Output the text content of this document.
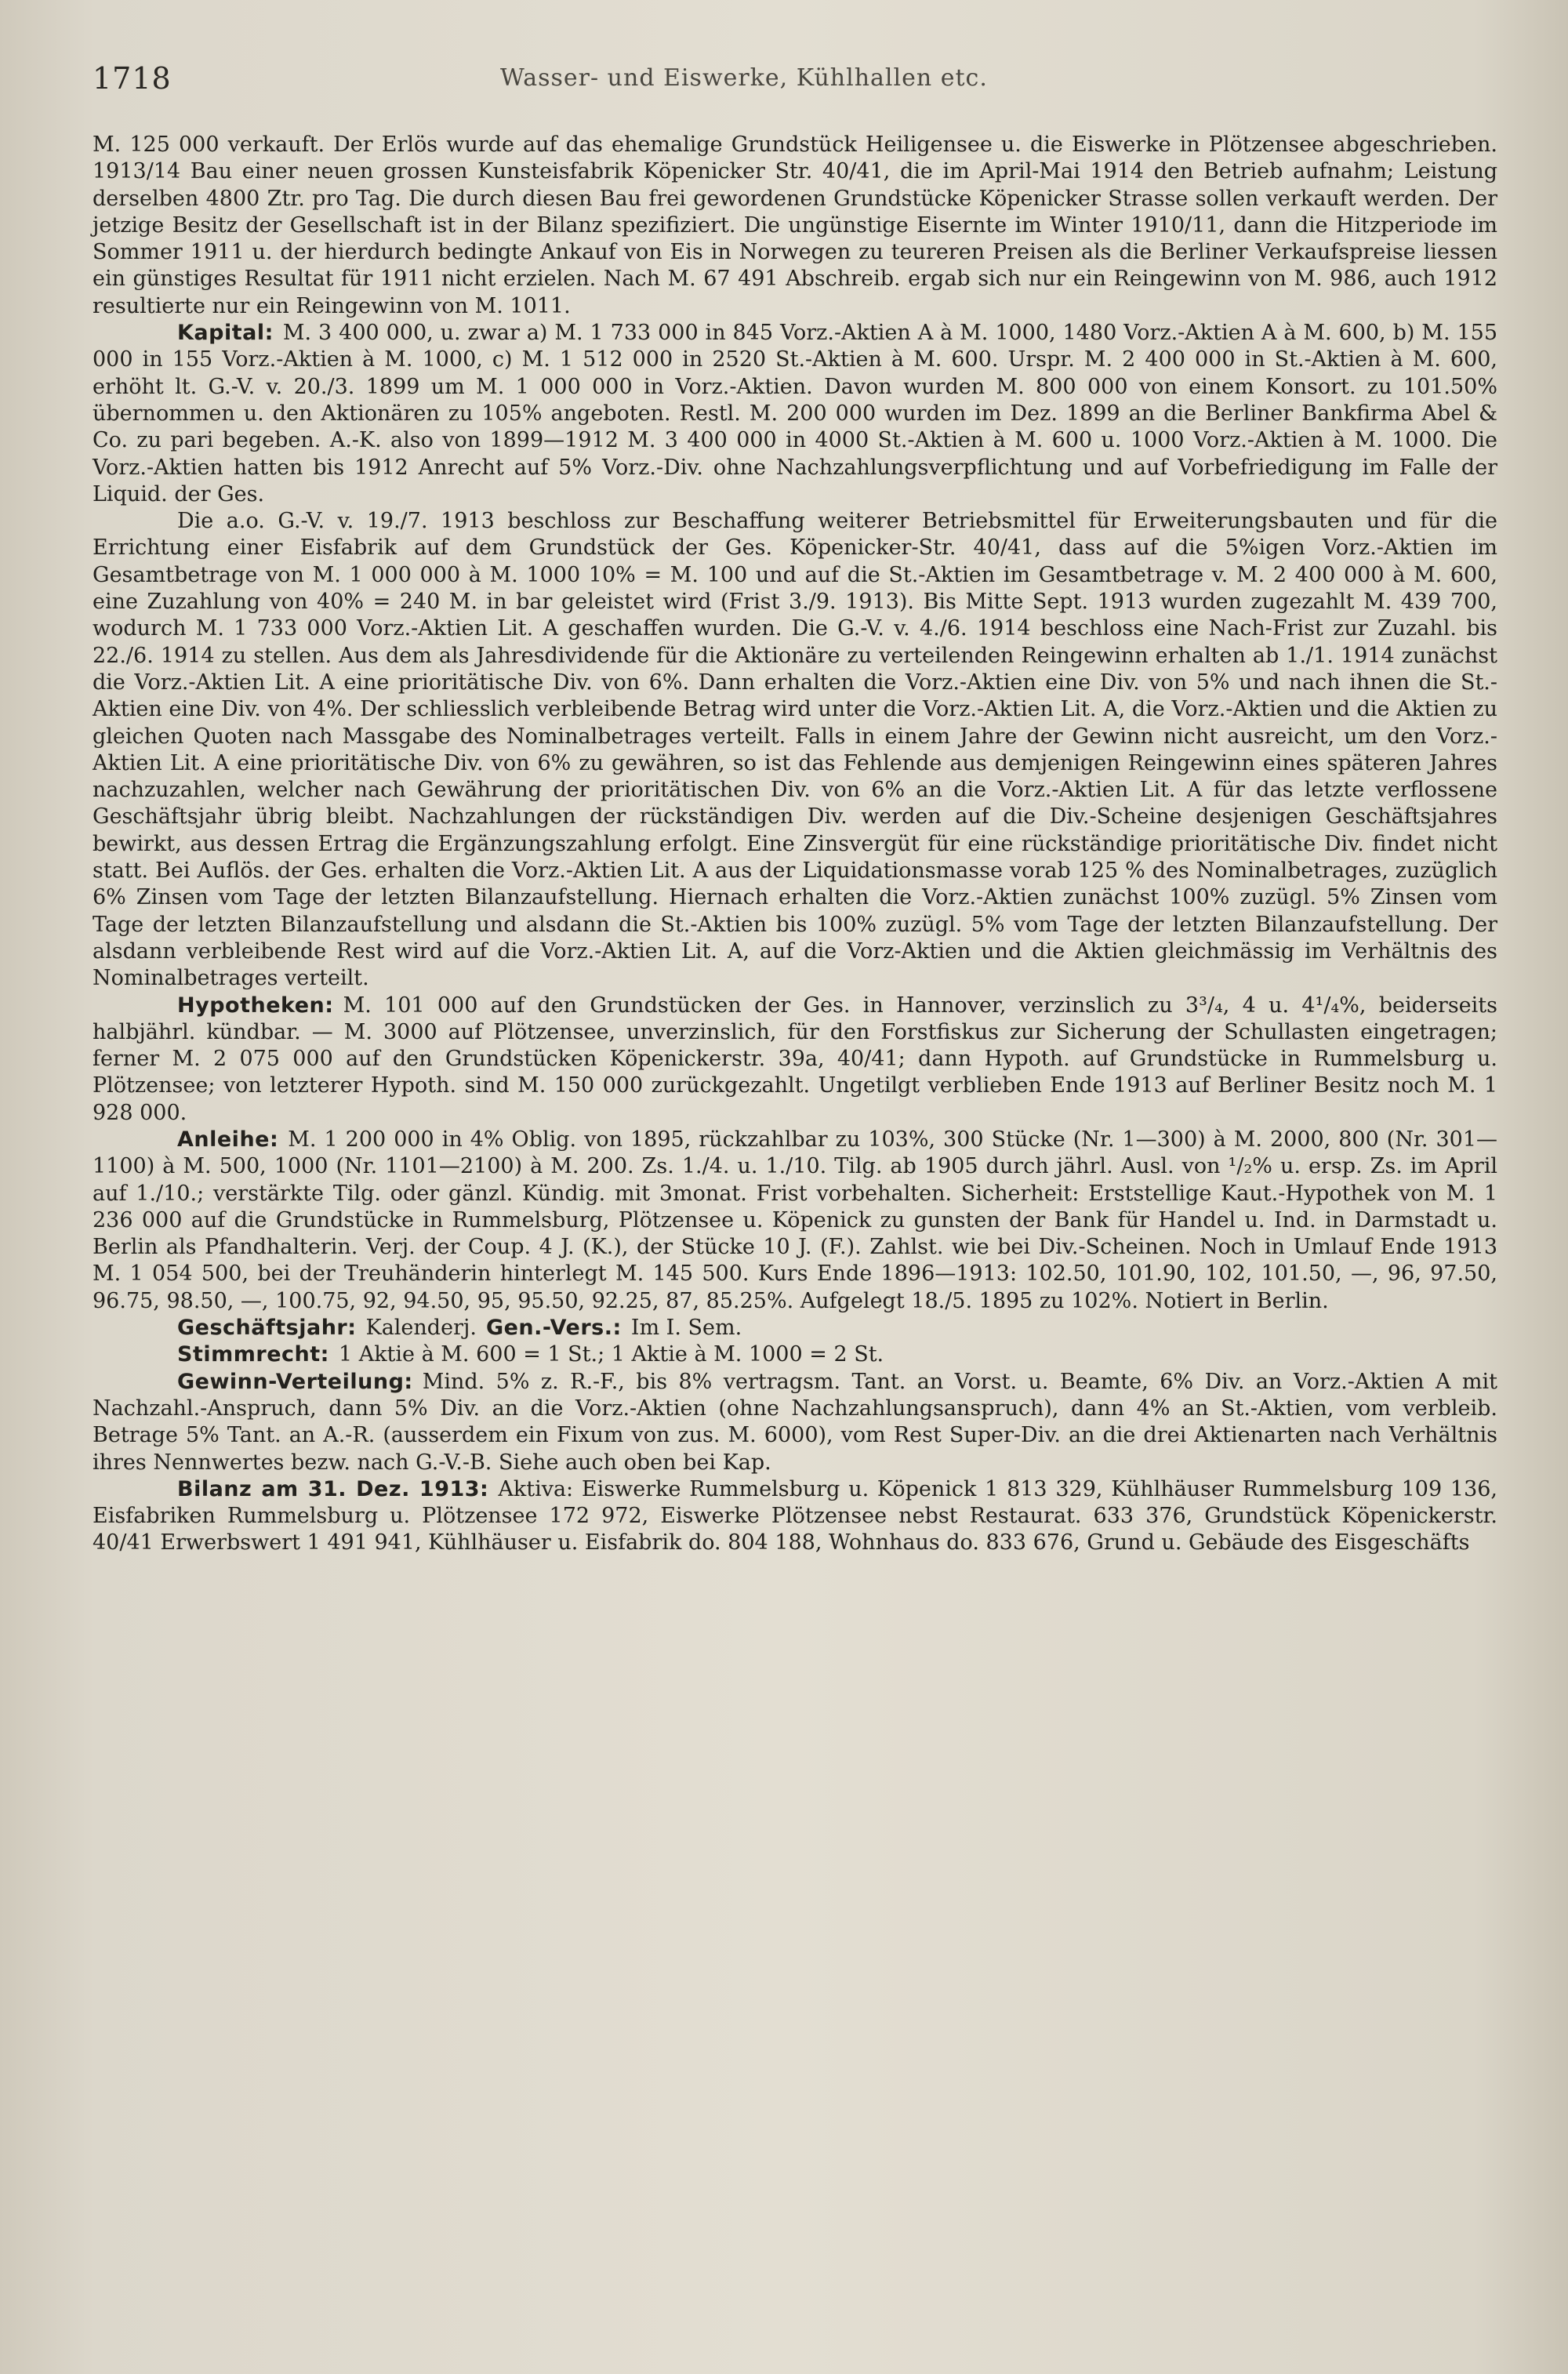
1718	Wasser- und Eiswerke, Kühlhallen etc.

M. 125 000 verkauft. Der Erlös wurde auf das ehemalige Grundstück Heiligensee u. die Eiswerke in Plötzensee abgeschrieben. 1913/14 Bau einer neuen grossen Kunsteisfabrik Köpenicker Str. 40/41, die im April-Mai 1914 den Betrieb aufnahm; Leistung derselben 4800 Ztr. pro Tag. Die durch diesen Bau frei gewordenen Grundstücke Köpenicker Strasse sollen verkauft werden. Der jetzige Besitz der Gesellschaft ist in der Bilanz spezifiziert. Die ungünstige Eisernte im Winter 1910/11, dann die Hitzperiode im Sommer 1911 u. der hierdurch bedingte Ankauf von Eis in Norwegen zu teureren Preisen als die Berliner Verkaufspreise liessen ein günstiges Resultat für 1911 nicht erzielen. Nach M. 67 491 Abschreib. ergab sich nur ein Reingewinn von M. 986, auch 1912 resultierte nur ein Reingewinn von M. 1011.

Kapital: M. 3 400 000, u. zwar a) M. 1 733 000 in 845 Vorz.-Aktien A à M. 1000, 1480 Vorz.-Aktien A à M. 600, b) M. 155 000 in 155 Vorz.-Aktien à M. 1000, c) M. 1 512 000 in 2520 St.-Aktien à M. 600. Urspr. M. 2 400 000 in St.-Aktien à M. 600, erhöht lt. G.-V. v. 20./3. 1899 um M. 1 000 000 in Vorz.-Aktien. Davon wurden M. 800 000 von einem Konsort. zu 101.50% übernommen u. den Aktionären zu 105% angeboten. Restl. M. 200 000 wurden im Dez. 1899 an die Berliner Bankfirma Abel & Co. zu pari begeben. A.-K. also von 1899—1912 M. 3 400 000 in 4000 St.-Aktien à M. 600 u. 1000 Vorz.-Aktien à M. 1000. Die Vorz.-Aktien hatten bis 1912 Anrecht auf 5% Vorz.-Div. ohne Nachzahlungsverpflichtung und auf Vorbefriedigung im Falle der Liquid. der Ges.

Die a.o. G.-V. v. 19./7. 1913 beschloss zur Beschaffung weiterer Betriebsmittel für Erweiterungsbauten und für die Errichtung einer Eisfabrik auf dem Grundstück der Ges. Köpenicker-Str. 40/41, dass auf die 5%igen Vorz.-Aktien im Gesamtbetrage von M. 1 000 000 à M. 1000 10% = M. 100 und auf die St.-Aktien im Gesamtbetrage v. M. 2 400 000 à M. 600, eine Zuzahlung von 40% = 240 M. in bar geleistet wird (Frist 3./9. 1913). Bis Mitte Sept. 1913 wurden zugezahlt M. 439 700, wodurch M. 1 733 000 Vorz.-Aktien Lit. A geschaffen wurden. Die G.-V. v. 4./6. 1914 beschloss eine Nach-Frist zur Zuzahl. bis 22./6. 1914 zu stellen. Aus dem als Jahresdividende für die Aktionäre zu verteilenden Reingewinn erhalten ab 1./1. 1914 zunächst die Vorz.-Aktien Lit. A eine prioritätische Div. von 6%. Dann erhalten die Vorz.-Aktien eine Div. von 5% und nach ihnen die St.-Aktien eine Div. von 4%. Der schliesslich verbleibende Betrag wird unter die Vorz.-Aktien Lit. A, die Vorz.-Aktien und die Aktien zu gleichen Quoten nach Massgabe des Nominalbetrages verteilt. Falls in einem Jahre der Gewinn nicht ausreicht, um den Vorz.-Aktien Lit. A eine prioritätische Div. von 6% zu gewähren, so ist das Fehlende aus demjenigen Reingewinn eines späteren Jahres nachzuzahlen, welcher nach Gewährung der prioritätischen Div. von 6% an die Vorz.-Aktien Lit. A für das letzte verflossene Geschäftsjahr übrig bleibt. Nachzahlungen der rückständigen Div. werden auf die Div.-Scheine desjenigen Geschäftsjahres bewirkt, aus dessen Ertrag die Ergänzungszahlung erfolgt. Eine Zinsvergüt für eine rückständige prioritätische Div. findet nicht statt. Bei Auflös. der Ges. erhalten die Vorz.-Aktien Lit. A aus der Liquidationsmasse vorab 125 % des Nominalbetrages, zuzüglich 6% Zinsen vom Tage der letzten Bilanzaufstellung. Hiernach erhalten die Vorz.-Aktien zunächst 100% zuzügl. 5% Zinsen vom Tage der letzten Bilanzaufstellung und alsdann die St.-Aktien bis 100% zuzügl. 5% vom Tage der letzten Bilanzaufstellung. Der alsdann verbleibende Rest wird auf die Vorz.-Aktien Lit. A, auf die Vorz-Aktien und die Aktien gleichmässig im Verhältnis des Nominalbetrages verteilt.

Hypotheken: M. 101 000 auf den Grundstücken der Ges. in Hannover, verzinslich zu 3³/₄, 4 u. 4¹/₄%, beiderseits halbjährl. kündbar. — M. 3000 auf Plötzensee, unverzinslich, für den Forstfiskus zur Sicherung der Schullasten eingetragen; ferner M. 2 075 000 auf den Grundstücken Köpenickerstr. 39a, 40/41; dann Hypoth. auf Grundstücke in Rummelsburg u. Plötzensee; von letzterer Hypoth. sind M. 150 000 zurückgezahlt. Ungetilgt verblieben Ende 1913 auf Berliner Besitz noch M. 1 928 000.

Anleihe: M. 1 200 000 in 4% Oblig. von 1895, rückzahlbar zu 103%, 300 Stücke (Nr. 1—300) à M. 2000, 800 (Nr. 301—1100) à M. 500, 1000 (Nr. 1101—2100) à M. 200. Zs. 1./4. u. 1./10. Tilg. ab 1905 durch jährl. Ausl. von ¹/₂% u. ersp. Zs. im April auf 1./10.; verstärkte Tilg. oder gänzl. Kündig. mit 3monat. Frist vorbehalten. Sicherheit: Erststellige Kaut.-Hypothek von M. 1 236 000 auf die Grundstücke in Rummelsburg, Plötzensee u. Köpenick zu gunsten der Bank für Handel u. Ind. in Darmstadt u. Berlin als Pfandhalterin. Verj. der Coup. 4 J. (K.), der Stücke 10 J. (F.). Zahlst. wie bei Div.-Scheinen. Noch in Umlauf Ende 1913 M. 1 054 500, bei der Treuhänderin hinterlegt M. 145 500. Kurs Ende 1896—1913: 102.50, 101.90, 102, 101.50, —, 96, 97.50, 96.75, 98.50, —, 100.75, 92, 94.50, 95, 95.50, 92.25, 87, 85.25%. Aufgelegt 18./5. 1895 zu 102%. Notiert in Berlin.

Geschäftsjahr: Kalenderj. Gen.-Vers.: Im I. Sem.

Stimmrecht: 1 Aktie à M. 600 = 1 St.; 1 Aktie à M. 1000 = 2 St.

Gewinn-Verteilung: Mind. 5% z. R.-F., bis 8% vertragsm. Tant. an Vorst. u. Beamte, 6% Div. an Vorz.-Aktien A mit Nachzahl.-Anspruch, dann 5% Div. an die Vorz.-Aktien (ohne Nachzahlungsanspruch), dann 4% an St.-Aktien, vom verbleib. Betrage 5% Tant. an A.-R. (ausserdem ein Fixum von zus. M. 6000), vom Rest Super-Div. an die drei Aktienarten nach Verhältnis ihres Nennwertes bezw. nach G.-V.-B. Siehe auch oben bei Kap.

Bilanz am 31. Dez. 1913: Aktiva: Eiswerke Rummelsburg u. Köpenick 1 813 329, Kühlhäuser Rummelsburg 109 136, Eisfabriken Rummelsburg u. Plötzensee 172 972, Eiswerke Plötzensee nebst Restaurat. 633 376, Grundstück Köpenickerstr. 40/41 Erwerbswert 1 491 941, Kühlhäuser u. Eisfabrik do. 804 188, Wohnhaus do. 833 676, Grund u. Gebäude des Eisgeschäfts
